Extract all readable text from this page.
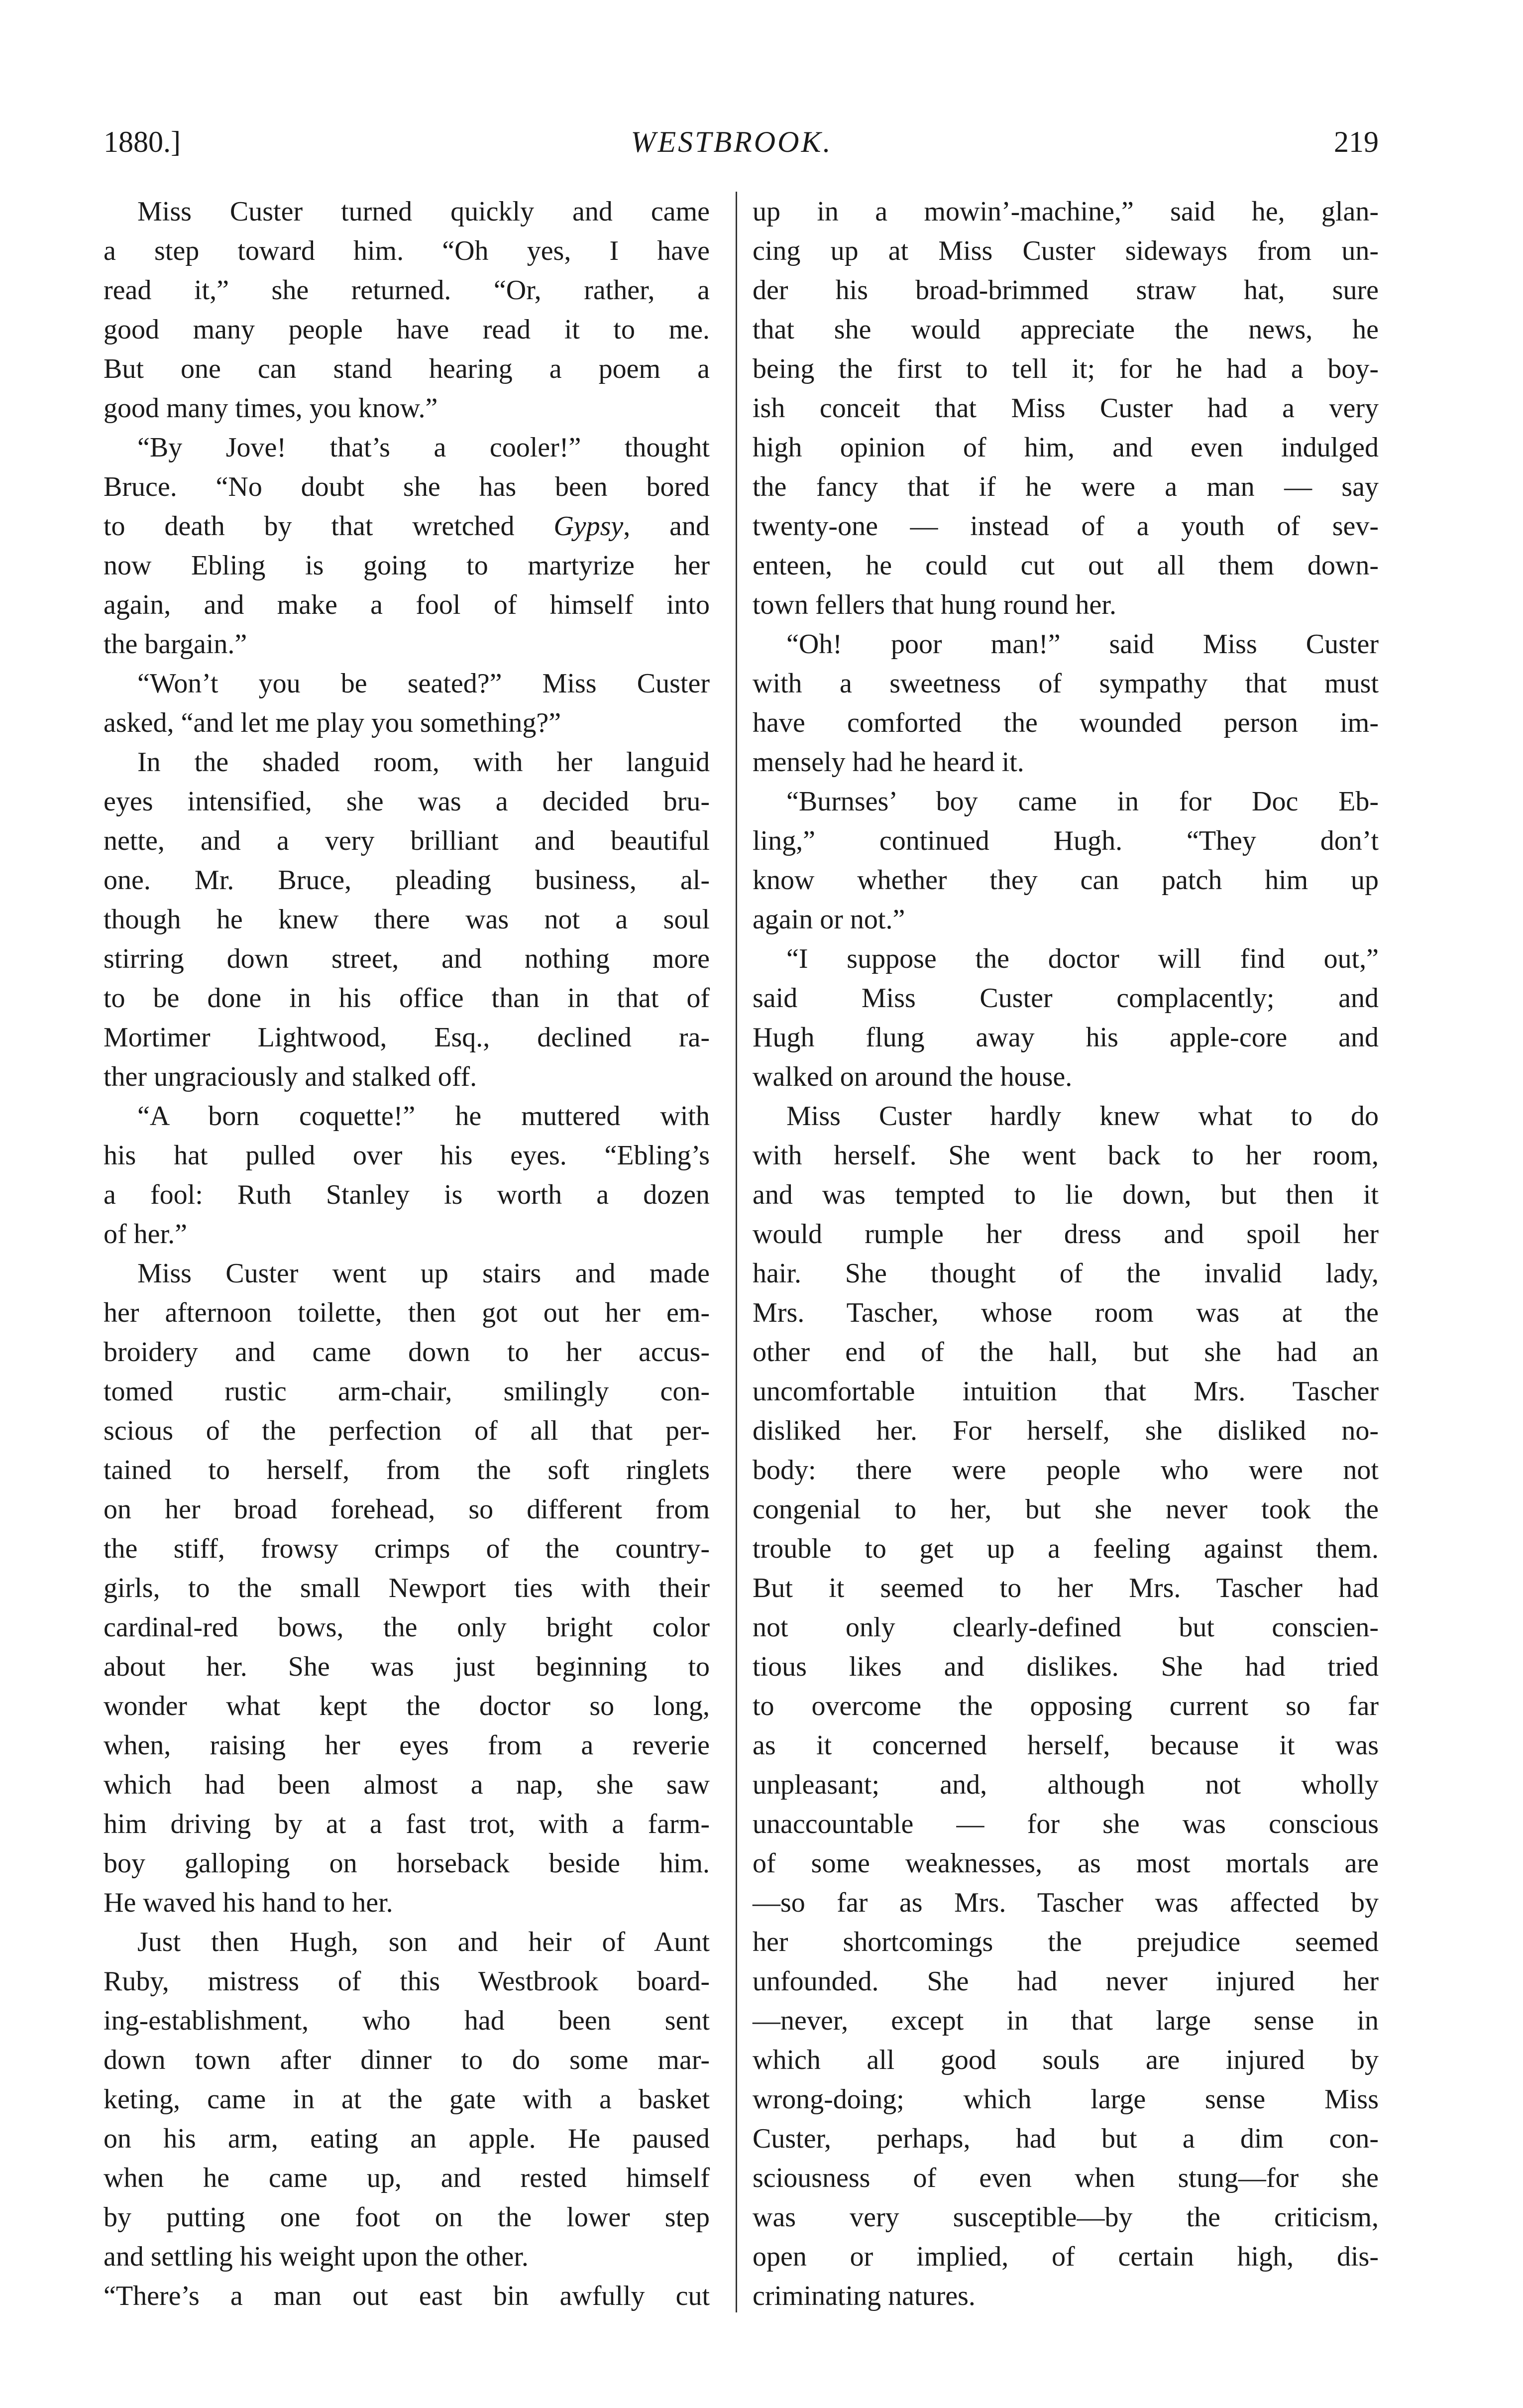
1880.]	WESTBROOK.	219
Miss Custer turned quickly and came
a step toward him. “Oh yes, I have
read it,” she returned. “Or, rather, a
good many people have read it to me.
But one can stand hearing a poem a
good many times, you know.”
“By Jove! that’s a cooler!” thought
Bruce. “No doubt she has been bored
to death by that wretched Gypsy, and
now Ebling is going to martyrize her
again, and make a fool of himself into
the bargain.”
“Won’t you be seated?” Miss Custer
asked, “and let me play you something?”
In the shaded room, with her languid
eyes intensified, she was a decided bru-
nette, and a very brilliant and beautiful
one. Mr. Bruce, pleading business, al-
though he knew there was not a soul
stirring down street, and nothing more
to be done in his office than in that of
Mortimer Lightwood, Esq., declined ra-
ther ungraciously and stalked off.
“A born coquette!” he muttered with
his hat pulled over his eyes. “Ebling’s
a fool: Ruth Stanley is worth a dozen
of her.”
Miss Custer went up stairs and made
her afternoon toilette, then got out her em-
broidery and came down to her accus-
tomed rustic arm-chair, smilingly con-
scious of the perfection of all that per-
tained to herself, from the soft ringlets
on her broad forehead, so different from
the stiff, frowsy crimps of the country-
girls, to the small Newport ties with their
cardinal-red bows, the only bright color
about her. She was just beginning to
wonder what kept the doctor so long,
when, raising her eyes from a reverie
which had been almost a nap, she saw
him driving by at a fast trot, with a farm-
boy galloping on horseback beside him.
He waved his hand to her.
Just then Hugh, son and heir of Aunt
Ruby, mistress of this Westbrook board-
ing-establishment, who had been sent
down town after dinner to do some mar-
keting, came in at the gate with a basket
on his arm, eating an apple. He paused
when he came up, and rested himself
by putting one foot on the lower step
and settling his weight upon the other.
“There’s a man out east bin awfully cut
up in a mowin’-machine,” said he, glan-
cing up at Miss Custer sideways from un-
der his broad-brimmed straw hat, sure
that she would appreciate the news, he
being the first to tell it; for he had a boy-
ish conceit that Miss Custer had a very
high opinion of him, and even indulged
the fancy that if he were a man — say
twenty-one — instead of a youth of sev-
enteen, he could cut out all them down-
town fellers that hung round her.
“Oh! poor man!” said Miss Custer
with a sweetness of sympathy that must
have comforted the wounded person im-
mensely had he heard it.
“Burnses’ boy came in for Doc Eb-
ling,” continued Hugh. “They don’t
know whether they can patch him up
again or not.”
“I suppose the doctor will find out,”
said Miss Custer complacently; and
Hugh flung away his apple-core and
walked on around the house.
Miss Custer hardly knew what to do
with herself. She went back to her room,
and was tempted to lie down, but then it
would rumple her dress and spoil her
hair. She thought of the invalid lady,
Mrs. Tascher, whose room was at the
other end of the hall, but she had an
uncomfortable intuition that Mrs. Tascher
disliked her. For herself, she disliked no-
body: there were people who were not
congenial to her, but she never took the
trouble to get up a feeling against them.
But it seemed to her Mrs. Tascher had
not only clearly-defined but conscien-
tious likes and dislikes. She had tried
to overcome the opposing current so far
as it concerned herself, because it was
unpleasant; and, although not wholly
unaccountable — for she was conscious
of some weaknesses, as most mortals are
—so far as Mrs. Tascher was affected by
her shortcomings the prejudice seemed
unfounded. She had never injured her
—never, except in that large sense in
which all good souls are injured by
wrong-doing; which large sense Miss
Custer, perhaps, had but a dim con-
sciousness of even when stung—for she
was very susceptible—by the criticism,
open or implied, of certain high, dis-
criminating natures.
